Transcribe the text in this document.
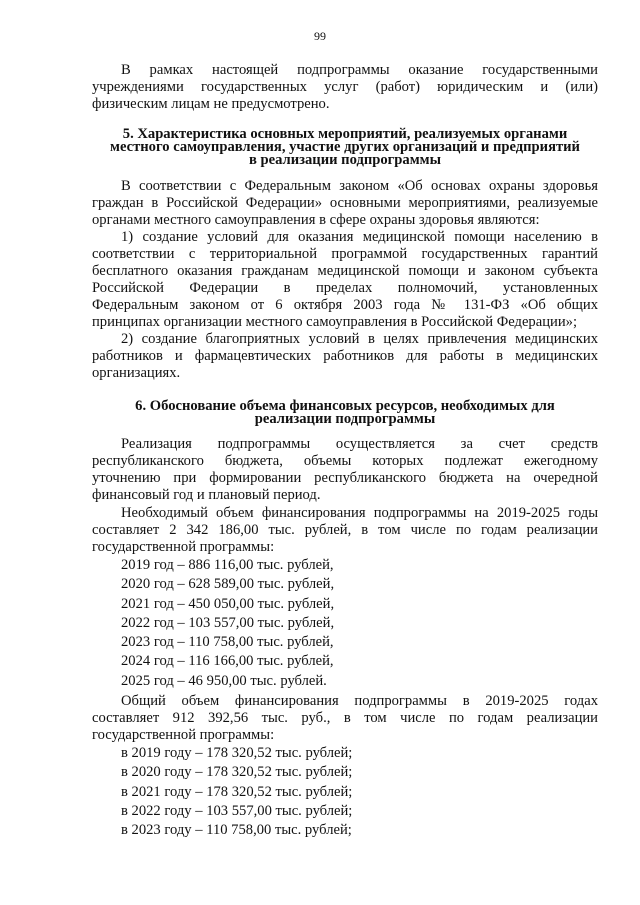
99
В рамках настоящей подпрограммы оказание государственными
учреждениями государственных услуг (работ) юридическим и (или)
физическим лицам не предусмотрено.
5. Характеристика основных мероприятий, реализуемых органами
местного самоуправления, участие других организаций и предприятий
в реализации подпрограммы
В соответствии с Федеральным законом «Об основах охраны здоровья
граждан в Российской Федерации» основными мероприятиями, реализуемые
органами местного самоуправления в сфере охраны здоровья являются:
1) создание условий для оказания медицинской помощи населению в
соответствии с территориальной программой государственных гарантий
бесплатного оказания гражданам медицинской помощи и законом субъекта
Российской Федерации в пределах полномочий, установленных
Федеральным законом от 6 октября 2003 года № 131-ФЗ «Об общих
принципах организации местного самоуправления в Российской Федерации»;
2) создание благоприятных условий в целях привлечения медицинских
работников и фармацевтических работников для работы в медицинских
организациях.
6. Обоснование объема финансовых ресурсов, необходимых для
реализации подпрограммы
Реализация подпрограммы осуществляется за счет средств
республиканского бюджета, объемы которых подлежат ежегодному
уточнению при формировании республиканского бюджета на очередной
финансовый год и плановый период.
Необходимый объем финансирования подпрограммы на 2019-2025 годы
составляет 2 342 186,00 тыс. рублей, в том числе по годам реализации
государственной программы:
2019 год – 886 116,00 тыс. рублей,
2020 год – 628 589,00 тыс. рублей,
2021 год – 450 050,00 тыс. рублей,
2022 год – 103 557,00 тыс. рублей,
2023 год – 110 758,00 тыс. рублей,
2024 год – 116 166,00 тыс. рублей,
2025 год – 46 950,00 тыс. рублей.
Общий объем финансирования подпрограммы в 2019-2025 годах
составляет 912 392,56 тыс. руб., в том числе по годам реализации
государственной программы:
в 2019 году – 178 320,52 тыс. рублей;
в 2020 году – 178 320,52 тыс. рублей;
в 2021 году – 178 320,52 тыс. рублей;
в 2022 году – 103 557,00 тыс. рублей;
в 2023 году – 110 758,00 тыс. рублей;
